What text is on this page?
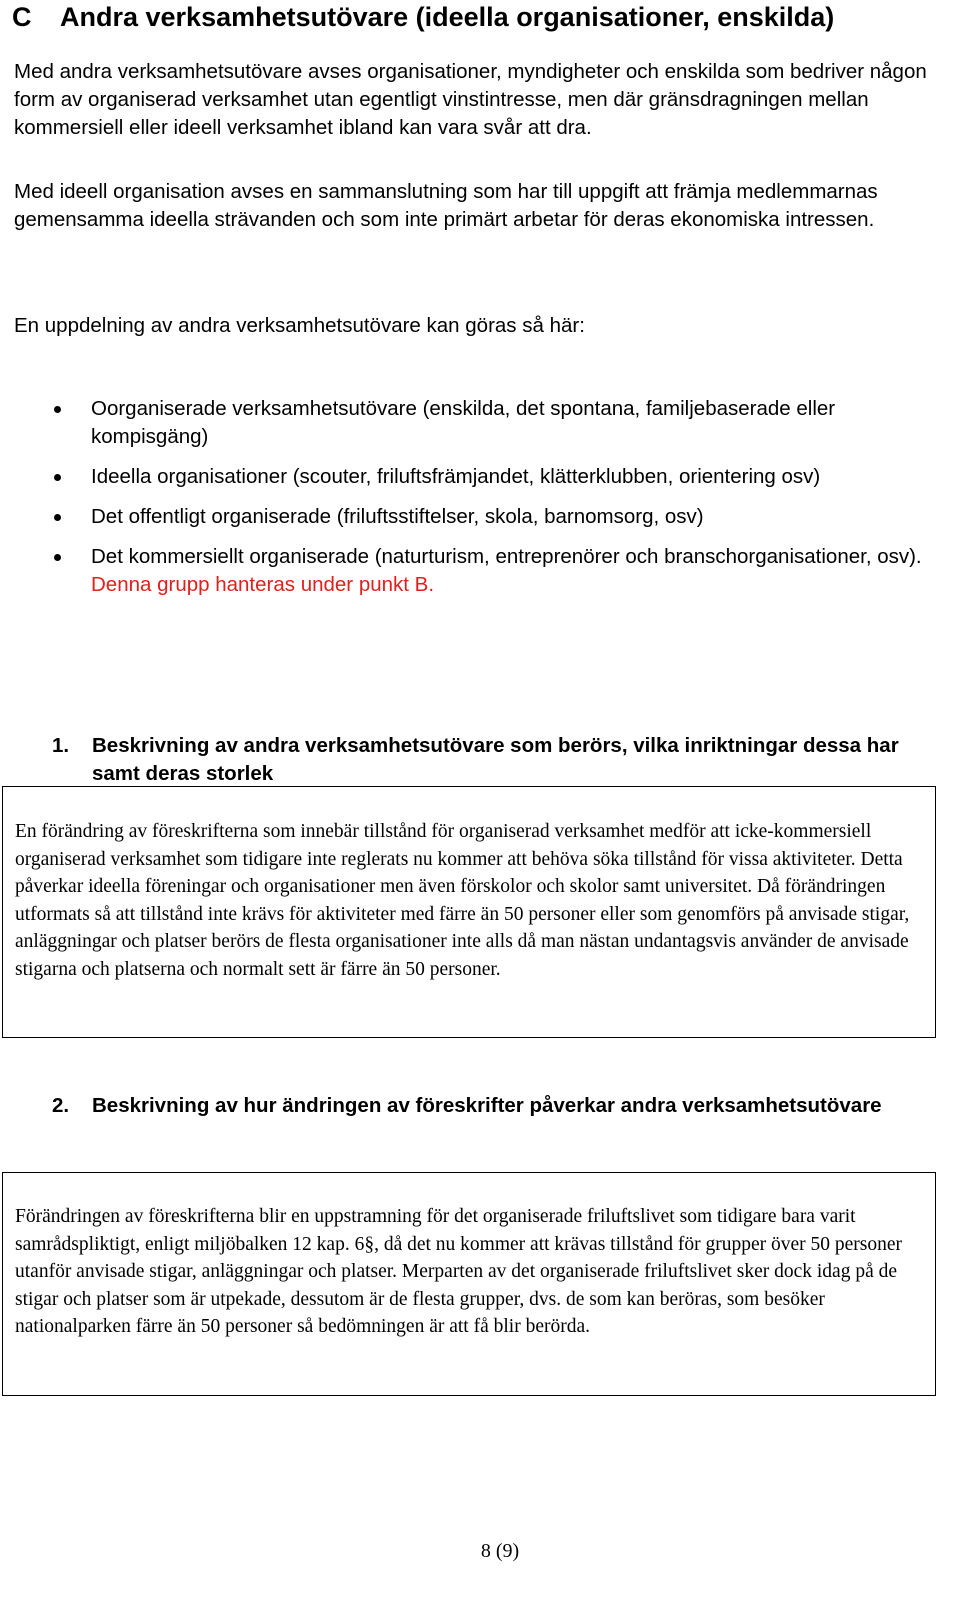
C Andra verksamhetsutövare (ideella organisationer, enskilda)

Med andra verksamhetsutövare avses organisationer, myndigheter och enskilda som bedriver någon form av organiserad verksamhet utan egentligt vinstintresse, men där gränsdragningen mellan kommersiell eller ideell verksamhet ibland kan vara svår att dra.

Med ideell organisation avses en sammanslutning som har till uppgift att främja medlemmarnas gemensamma ideella strävanden och som inte primärt arbetar för deras ekonomiska intressen.

En uppdelning av andra verksamhetsutövare kan göras så här:

Oorganiserade verksamhetsutövare (enskilda, det spontana, familjebaserade eller kompisgäng)
Ideella organisationer (scouter, friluftsfrämjandet, klätterklubben, orientering osv)
Det offentligt organiserade (friluftsstiftelser, skola, barnomsorg, osv)
Det kommersiellt organiserade (naturturism, entreprenörer och branschorganisationer, osv). Denna grupp hanteras under punkt B.
1. Beskrivning av andra verksamhetsutövare som berörs, vilka inriktningar dessa har samt deras storlek

En förändring av föreskrifterna som innebär tillstånd för organiserad verksamhet medför att icke-kommersiell organiserad verksamhet som tidigare inte reglerats nu kommer att behöva söka tillstånd för vissa aktiviteter. Detta påverkar ideella föreningar och organisationer men även förskolor och skolor samt universitet. Då förändringen utformats så att tillstånd inte krävs för aktiviteter med färre än 50 personer eller som genomförs på anvisade stigar, anläggningar och platser berörs de flesta organisationer inte alls då man nästan undantagsvis använder de anvisade stigarna och platserna och normalt sett är färre än 50 personer.

2. Beskrivning av hur ändringen av föreskrifter påverkar andra verksamhetsutövare

Förändringen av föreskrifterna blir en uppstramning för det organiserade friluftslivet som tidigare bara varit samrådspliktigt, enligt miljöbalken 12 kap. 6§, då det nu kommer att krävas tillstånd för grupper över 50 personer utanför anvisade stigar, anläggningar och platser. Merparten av det organiserade friluftslivet sker dock idag på de stigar och platser som är utpekade, dessutom är de flesta grupper, dvs. de som kan beröras, som besöker nationalparken färre än 50 personer så bedömningen är att få blir berörda.

8 (9)
